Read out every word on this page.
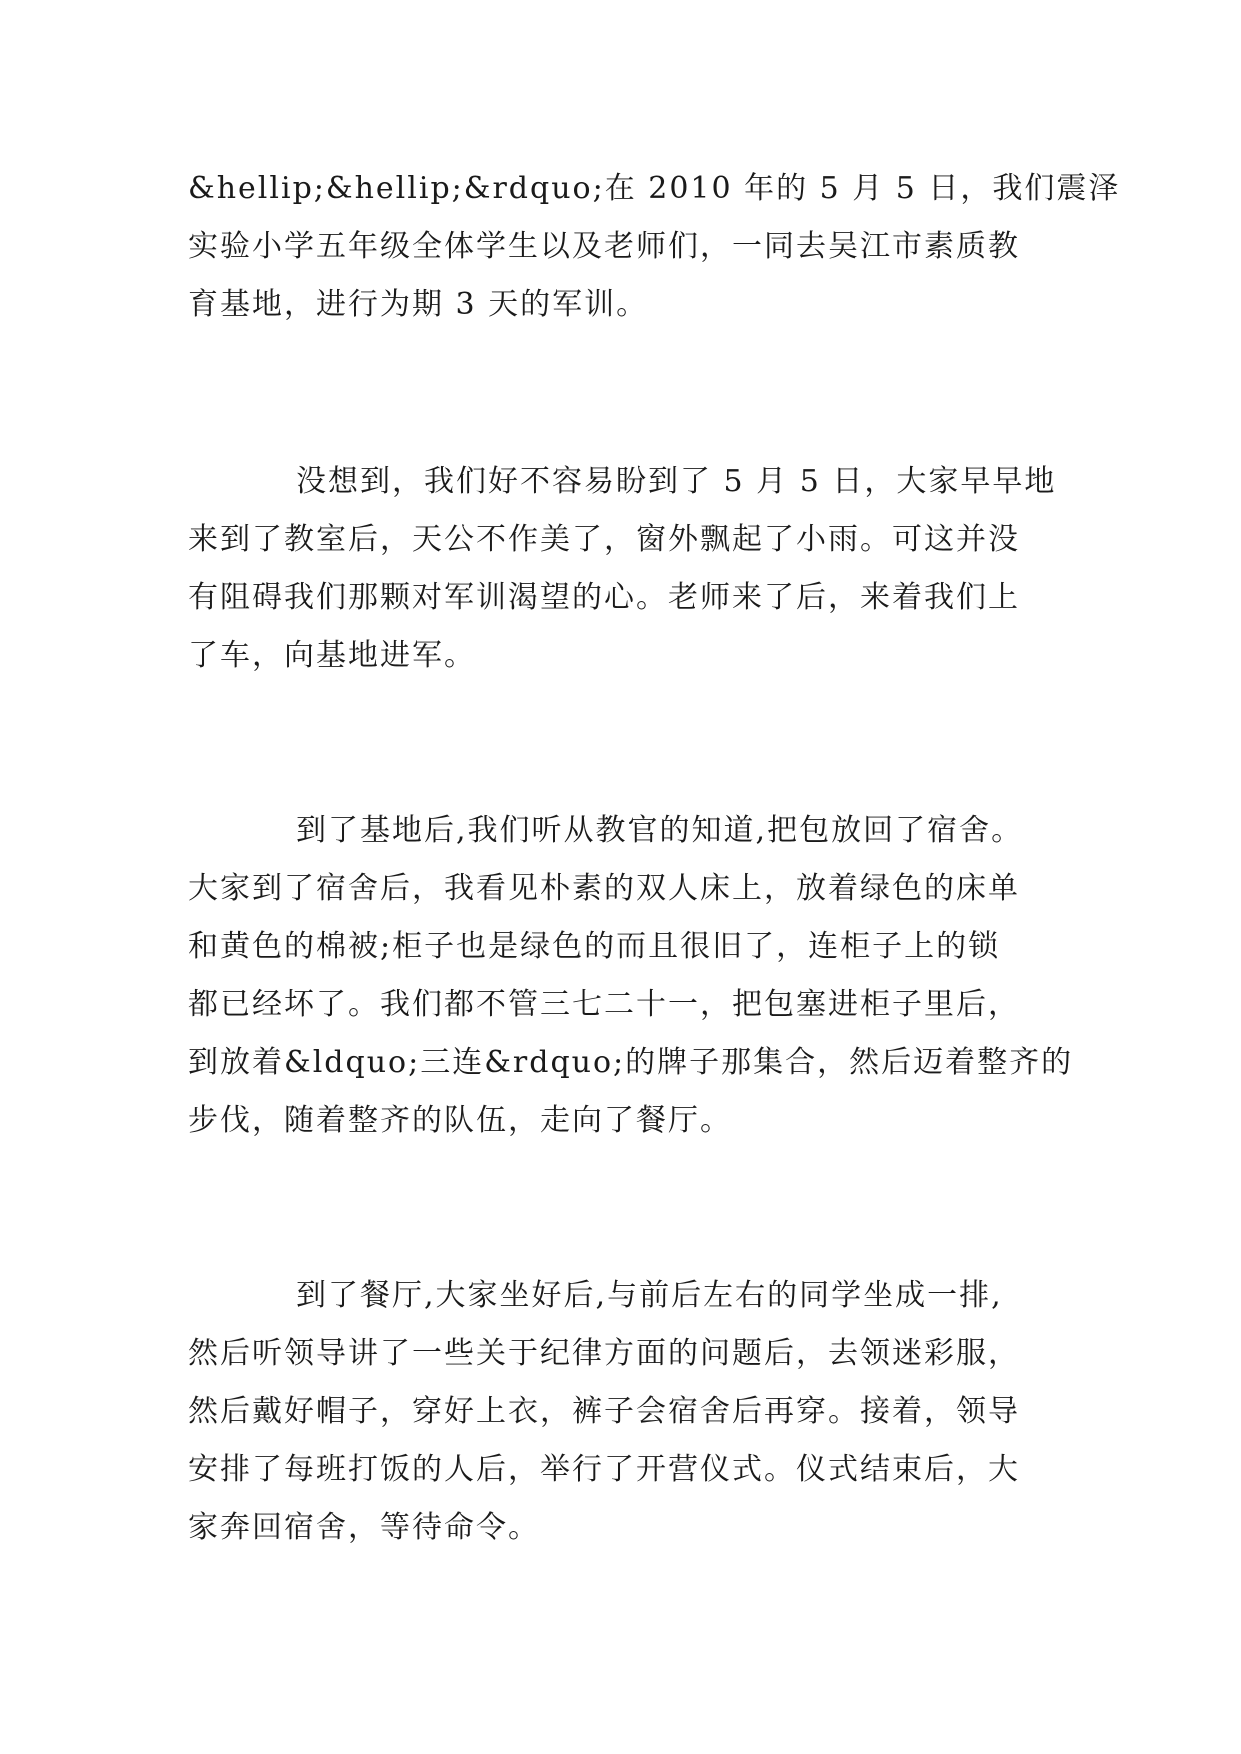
&hellip;&hellip;&rdquo;在 2010 年的 5 月 5 日，我们震泽
实验小学五年级全体学生以及老师们，一同去吴江市素质教
育基地，进行为期 3 天的军训。

没想到，我们好不容易盼到了 5 月 5 日，大家早早地
来到了教室后，天公不作美了，窗外飘起了小雨。可这并没
有阻碍我们那颗对军训渴望的心。老师来了后，来着我们上
了车，向基地进军。

到了基地后,我们听从教官的知道,把包放回了宿舍。
大家到了宿舍后，我看见朴素的双人床上，放着绿色的床单
和黄色的棉被;柜子也是绿色的而且很旧了，连柜子上的锁
都已经坏了。我们都不管三七二十一，把包塞进柜子里后，
到放着&ldquo;三连&rdquo;的牌子那集合，然后迈着整齐的
步伐，随着整齐的队伍，走向了餐厅。

到了餐厅,大家坐好后,与前后左右的同学坐成一排,
然后听领导讲了一些关于纪律方面的问题后，去领迷彩服，
然后戴好帽子，穿好上衣，裤子会宿舍后再穿。接着，领导
安排了每班打饭的人后，举行了开营仪式。仪式结束后，大
家奔回宿舍，等待命令。
